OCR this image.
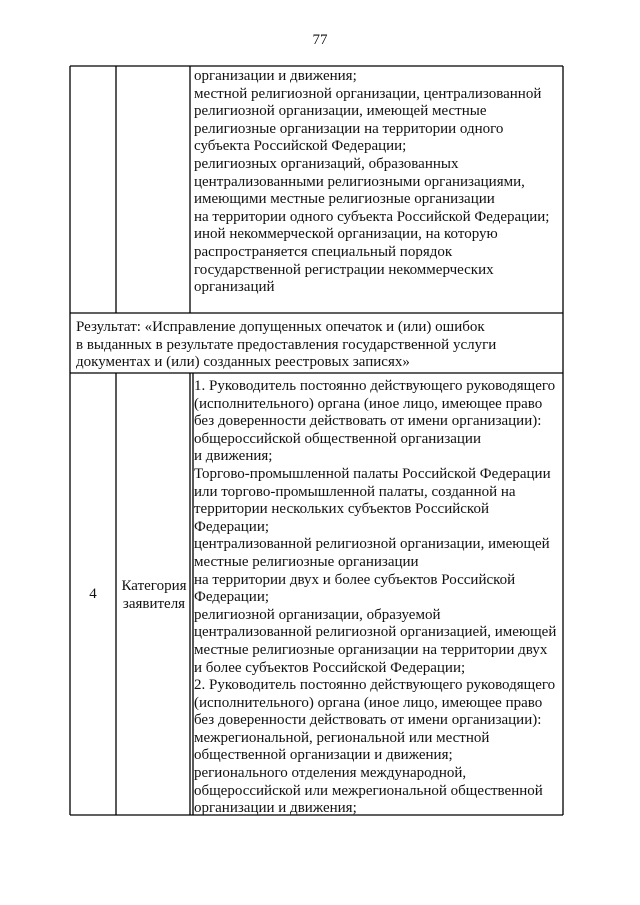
77
организации и движения;
местной религиозной организации, централизованной
религиозной организации, имеющей местные
религиозные организации на территории одного
субъекта Российской Федерации;
религиозных организаций, образованных
централизованными религиозными организациями,
имеющими местные религиозные организации
на территории одного субъекта Российской Федерации;
иной некоммерческой организации, на которую
распространяется специальный порядок
государственной регистрации некоммерческих
организаций
Результат: «Исправление допущенных опечаток и (или) ошибок
в выданных в результате предоставления государственной услуги
документах и (или) созданных реестровых записях»
4	Категория
заявителя
1. Руководитель постоянно действующего руководящего
(исполнительного) органа (иное лицо, имеющее право
без доверенности действовать от имени организации):
общероссийской общественной организации
и движения;
Торгово-промышленной палаты Российской Федерации
или торгово-промышленной палаты, созданной на
территории нескольких субъектов Российской
Федерации;
централизованной религиозной организации, имеющей
местные религиозные организации
на территории двух и более субъектов Российской
Федерации;
религиозной организации, образуемой
централизованной религиозной организацией, имеющей
местные религиозные организации на территории двух
и более субъектов Российской Федерации;
2. Руководитель постоянно действующего руководящего
(исполнительного) органа (иное лицо, имеющее право
без доверенности действовать от имени организации):
межрегиональной, региональной или местной
общественной организации и движения;
регионального отделения международной,
общероссийской или межрегиональной общественной
организации и движения;
